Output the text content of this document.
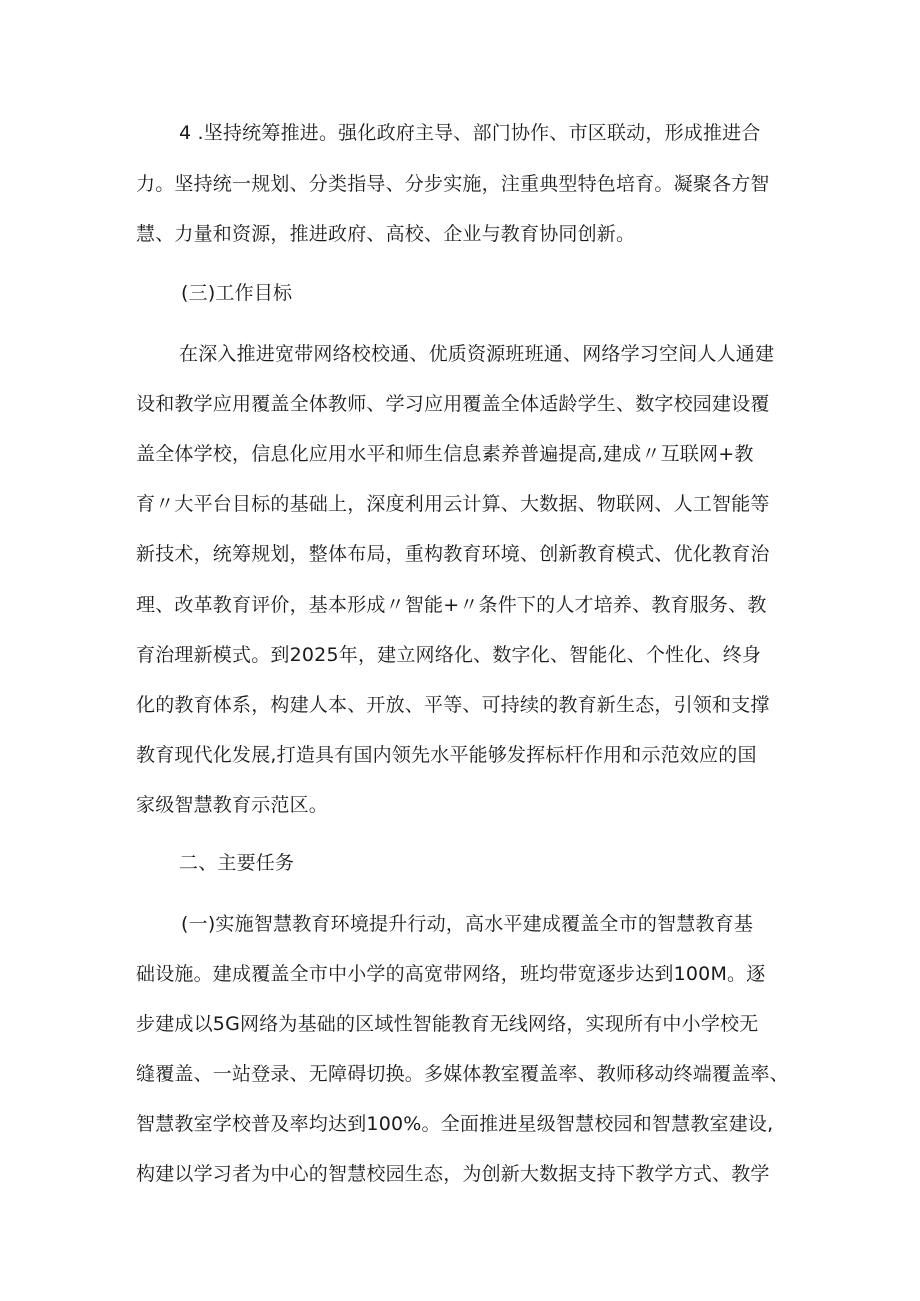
4 .坚持统筹推进。强化政府主导、部门协作、市区联动，形成推进合

力。坚持统一规划、分类指导、分步实施，注重典型特色培育。凝聚各方智

慧、力量和资源，推进政府、高校、企业与教育协同创新。

(三)工作目标

在深入推进宽带网络校校通、优质资源班班通、网络学习空间人人通建

设和教学应用覆盖全体教师、学习应用覆盖全体适龄学生、数字校园建设覆

盖全体学校，信息化应用水平和师生信息素养普遍提高,建成〃互联网+教

育〃大平台目标的基础上，深度利用云计算、大数据、物联网、人工智能等

新技术，统筹规划，整体布局，重构教育环境、创新教育模式、优化教育治

理、改革教育评价，基本形成〃智能+〃条件下的人才培养、教育服务、教

育治理新模式。到2025年，建立网络化、数字化、智能化、个性化、终身

化的教育体系，构建人本、开放、平等、可持续的教育新生态，引领和支撑

教育现代化发展,打造具有国内领先水平能够发挥标杆作用和示范效应的国

家级智慧教育示范区。

二、主要任务

(一)实施智慧教育环境提升行动，高水平建成覆盖全市的智慧教育基

础设施。建成覆盖全市中小学的高宽带网络，班均带宽逐步达到100M。逐

步建成以5G网络为基础的区域性智能教育无线网络，实现所有中小学校无

缝覆盖、一站登录、无障碍切换。多媒体教室覆盖率、教师移动终端覆盖率、

智慧教室学校普及率均达到100%。全面推进星级智慧校园和智慧教室建设,

构建以学习者为中心的智慧校园生态，为创新大数据支持下教学方式、教学
